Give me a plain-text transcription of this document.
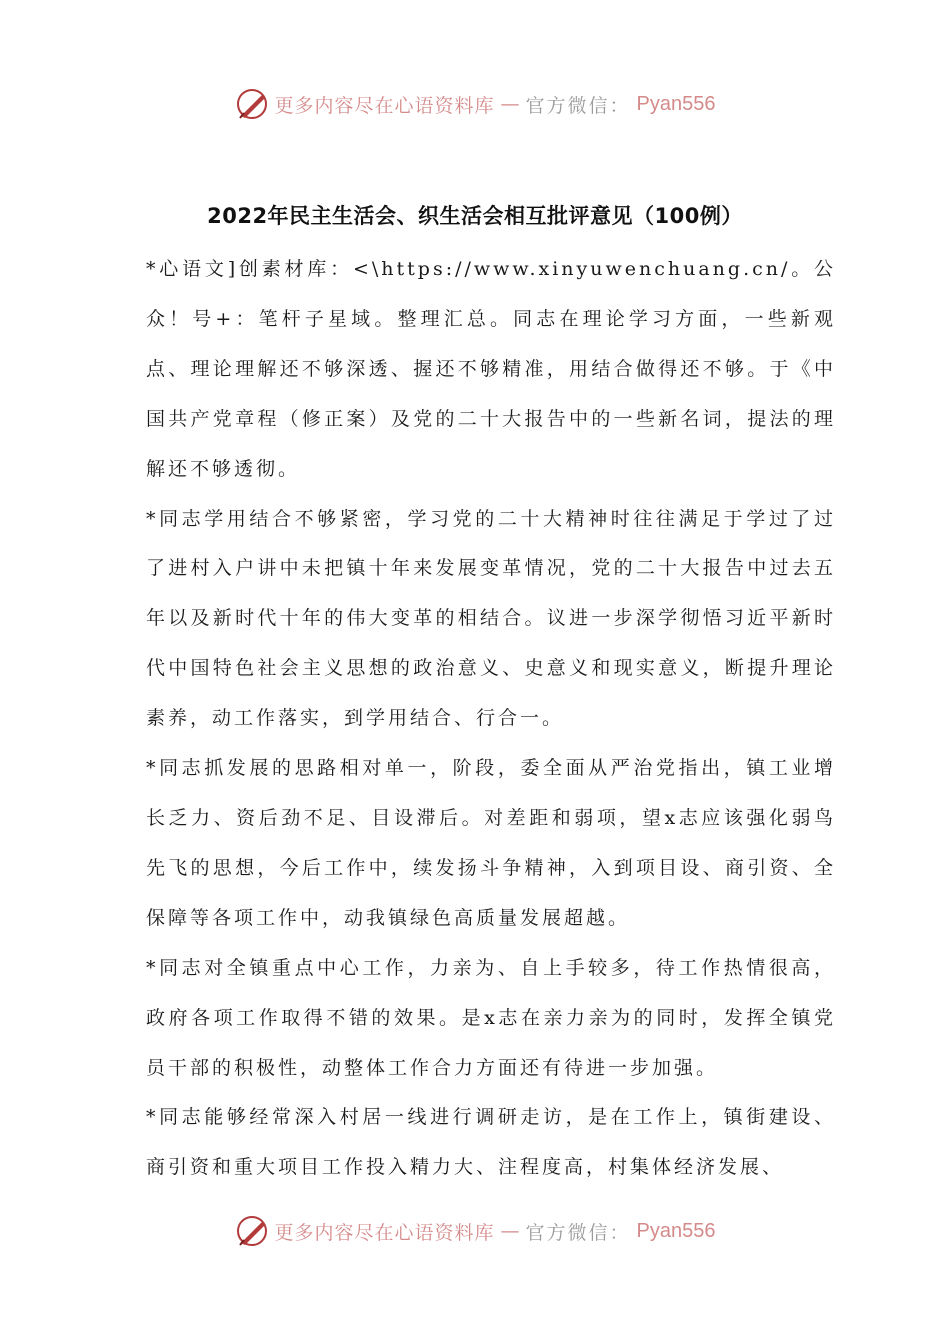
更多内容尽在心语资料库 — 官方微信： Pyan556
2022年民主生活会、织生活会相互批评意见（100例）

*心语文]创素材库：<\https://www.xinyuwenchuang.cn/。公众！号+：笔杆子星域。整理汇总。同志在理论学习方面，一些新观点、理论理解还不够深透、握还不够精准，用结合做得还不够。于《中国共产党章程（修正案）及党的二十大报告中的一些新名词，提法的理解还不够透彻。

*同志学用结合不够紧密，学习党的二十大精神时往往满足于学过了过了进村入户讲中未把镇十年来发展变革情况，党的二十大报告中过去五年以及新时代十年的伟大变革的相结合。议进一步深学彻悟习近平新时代中国特色社会主义思想的政治意义、史意义和现实意义，断提升理论素养，动工作落实，到学用结合、行合一。

*同志抓发展的思路相对单一，阶段，委全面从严治党指出，镇工业增长乏力、资后劲不足、目设滞后。对差距和弱项，望x志应该强化弱鸟先飞的思想，今后工作中，续发扬斗争精神，入到项目设、商引资、全保障等各项工作中，动我镇绿色高质量发展超越。

*同志对全镇重点中心工作，力亲为、自上手较多，待工作热情很高，政府各项工作取得不错的效果。是x志在亲力亲为的同时，发挥全镇党员干部的积极性，动整体工作合力方面还有待进一步加强。

*同志能够经常深入村居一线进行调研走访，是在工作上，镇街建设、商引资和重大项目工作投入精力大、注程度高，村集体经济发展、

更多内容尽在心语资料库 — 官方微信： Pyan556
